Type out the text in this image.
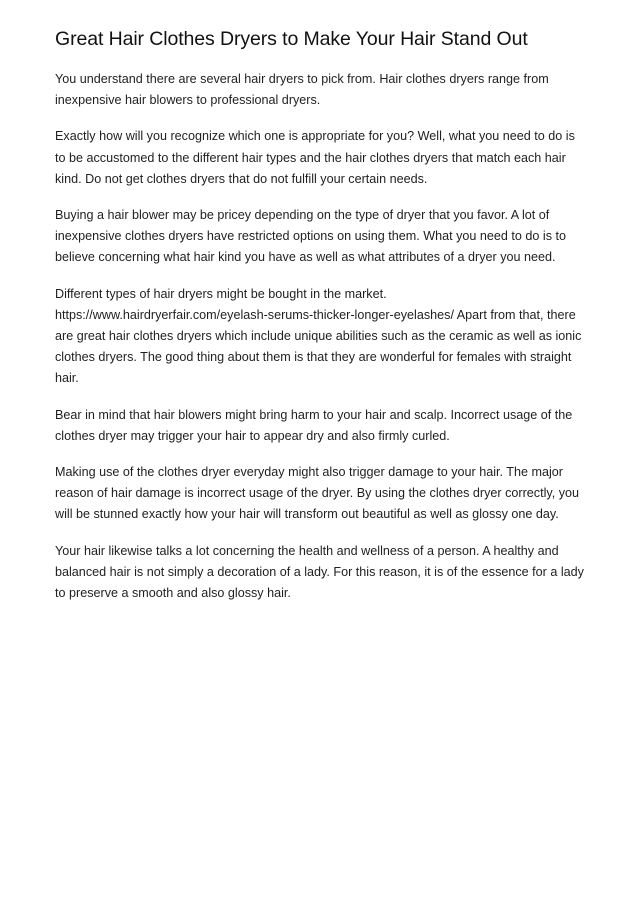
Great Hair Clothes Dryers to Make Your Hair Stand Out

You understand there are several hair dryers to pick from. Hair clothes dryers range from inexpensive hair blowers to professional dryers.

Exactly how will you recognize which one is appropriate for you? Well, what you need to do is to be accustomed to the different hair types and the hair clothes dryers that match each hair kind. Do not get clothes dryers that do not fulfill your certain needs.

Buying a hair blower may be pricey depending on the type of dryer that you favor. A lot of inexpensive clothes dryers have restricted options on using them. What you need to do is to believe concerning what hair kind you have as well as what attributes of a dryer you need.

Different types of hair dryers might be bought in the market. https://www.hairdryerfair.com/eyelash-serums-thicker-longer-eyelashes/ Apart from that, there are great hair clothes dryers which include unique abilities such as the ceramic as well as ionic clothes dryers. The good thing about them is that they are wonderful for females with straight hair.

Bear in mind that hair blowers might bring harm to your hair and scalp. Incorrect usage of the clothes dryer may trigger your hair to appear dry and also firmly curled.

Making use of the clothes dryer everyday might also trigger damage to your hair. The major reason of hair damage is incorrect usage of the dryer. By using the clothes dryer correctly, you will be stunned exactly how your hair will transform out beautiful as well as glossy one day.

Your hair likewise talks a lot concerning the health and wellness of a person. A healthy and balanced hair is not simply a decoration of a lady. For this reason, it is of the essence for a lady to preserve a smooth and also glossy hair.
